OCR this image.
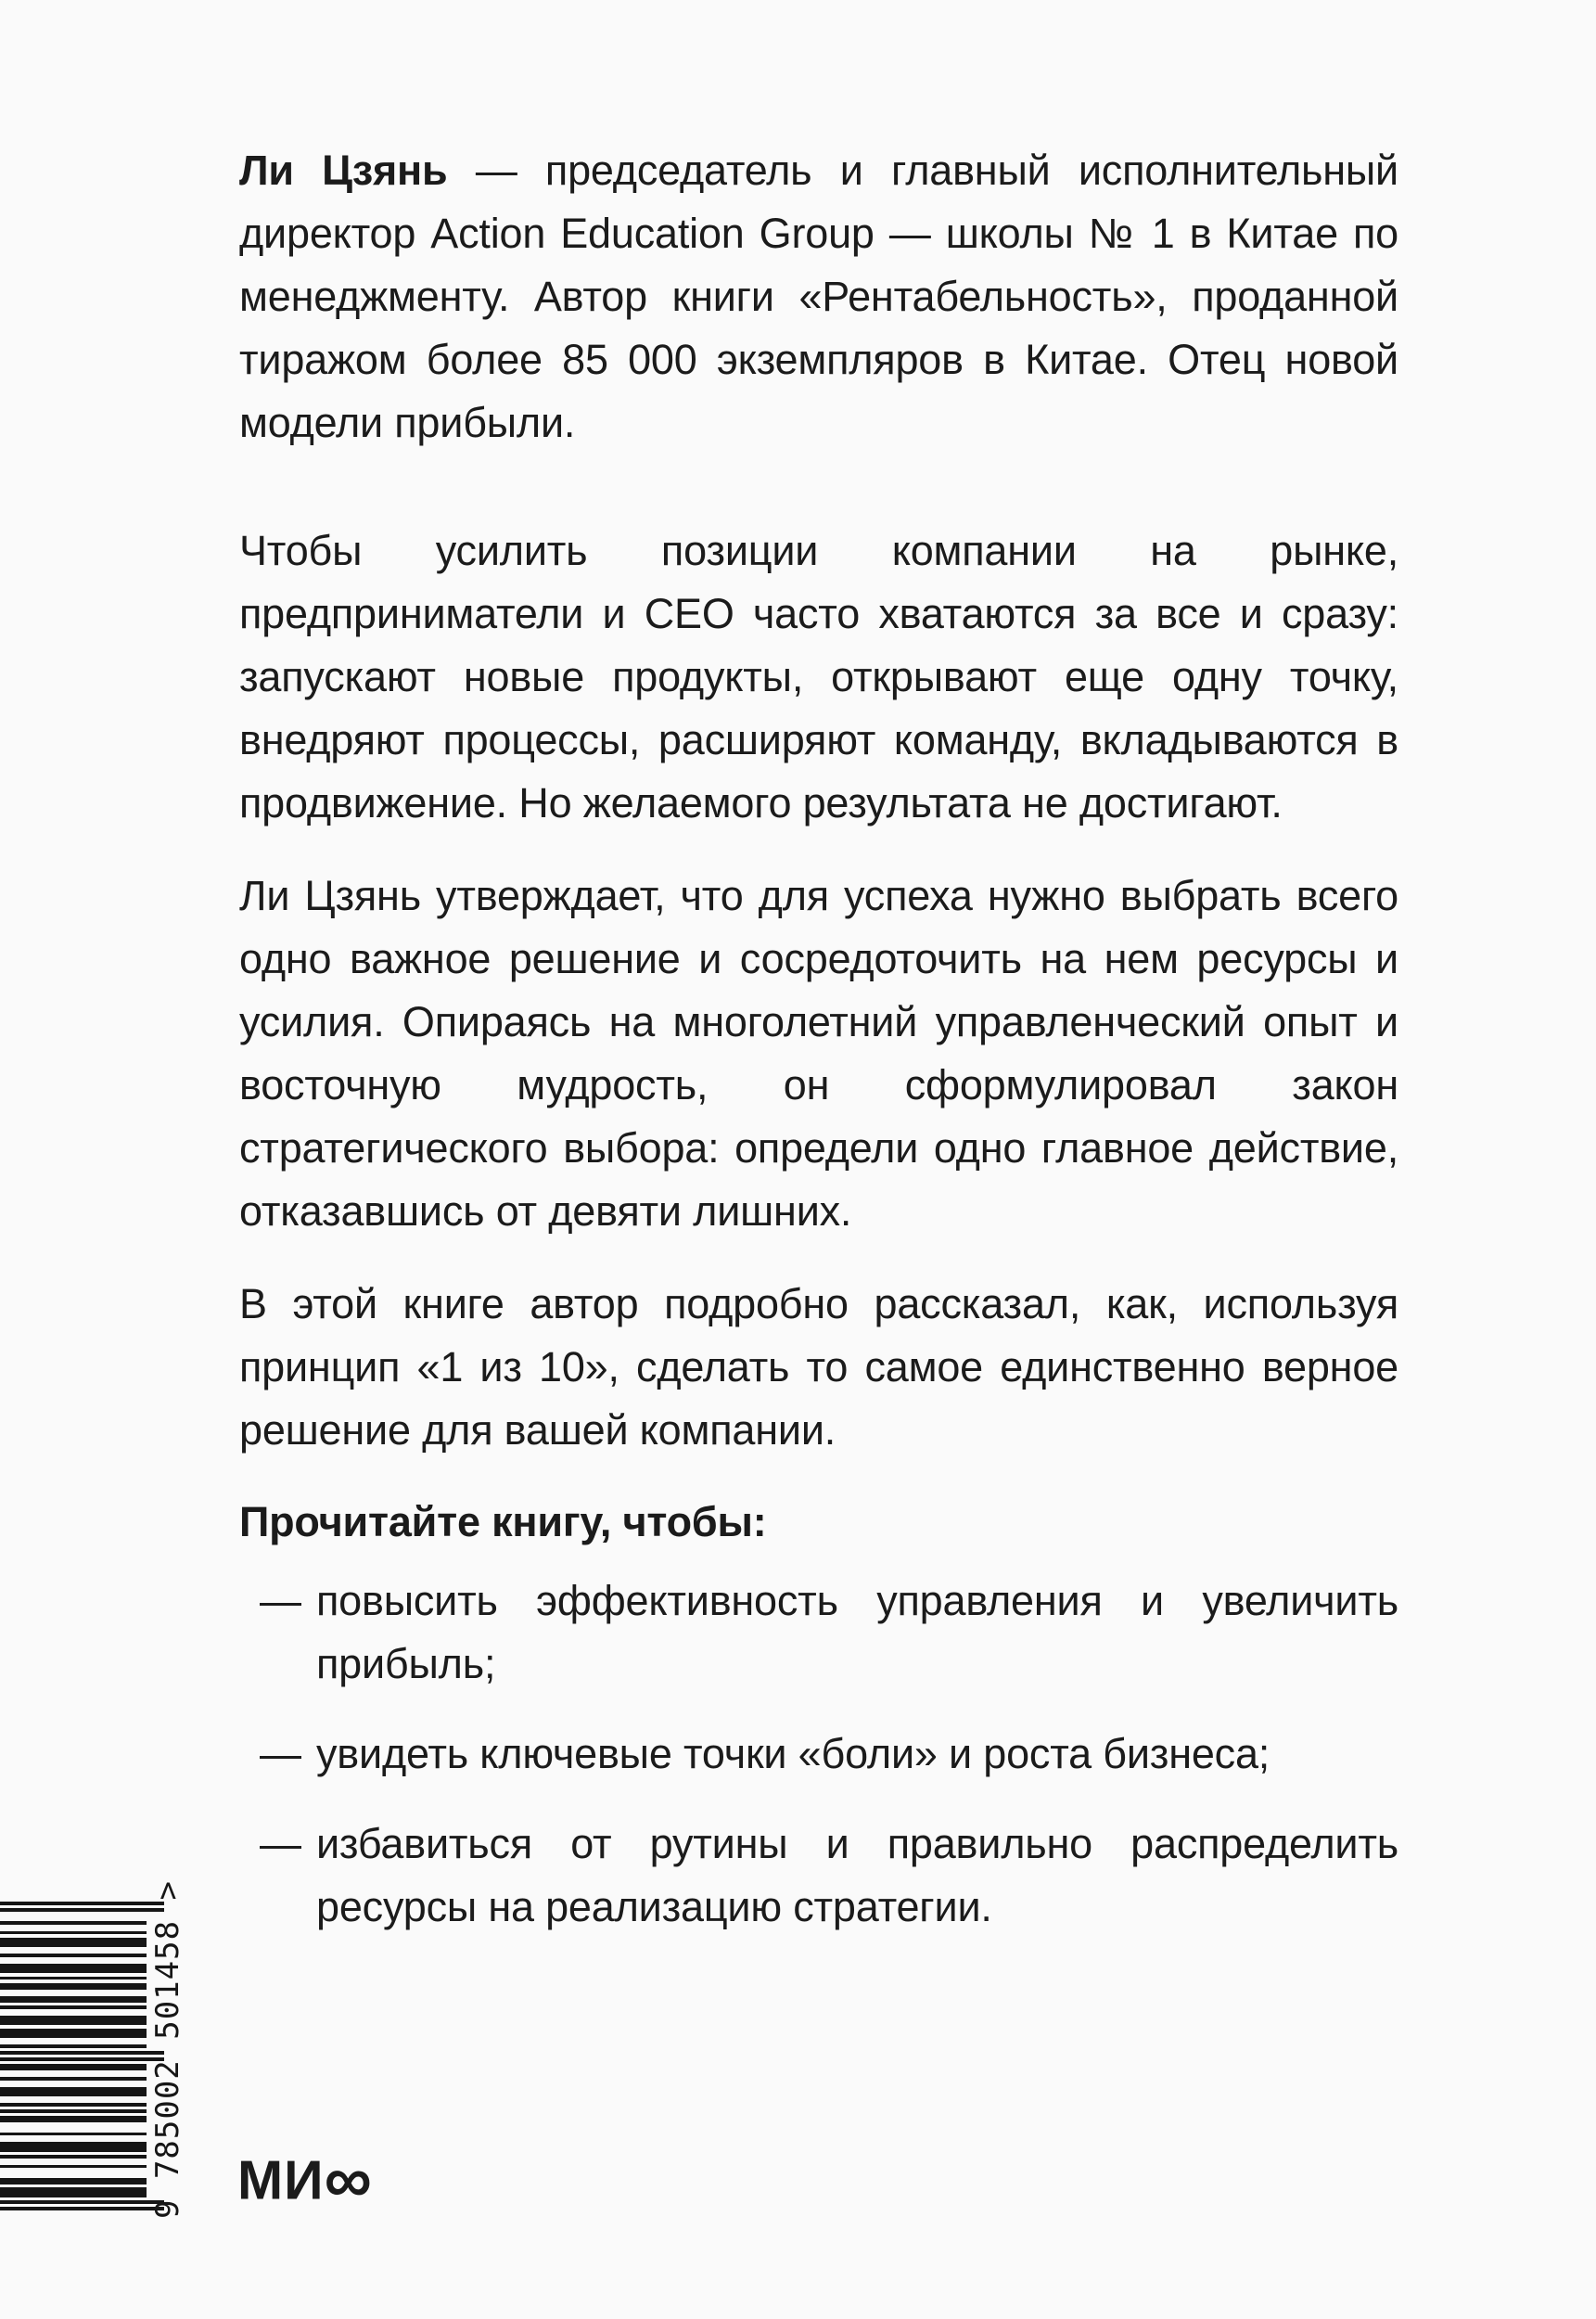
Ли Цзянь — председатель и главный исполнительный директор Action Education Group — школы № 1 в Китае по менеджменту. Автор книги «Рентабельность», проданной тиражом более 85 000 экземпляров в Китае. Отец новой модели прибыли.

Чтобы усилить позиции компании на рынке, предприниматели и CEO часто хватаются за все и сразу: запускают новые продукты, открывают еще одну точку, внедряют процессы, расширяют команду, вкладываются в продвижение. Но желаемого результата не достигают.

Ли Цзянь утверждает, что для успеха нужно выбрать всего одно важное решение и сосредоточить на нем ресурсы и усилия. Опираясь на многолетний управленческий опыт и восточную мудрость, он сформулировал закон стратегического выбора: определи одно главное действие, отказавшись от девяти лишних.

В этой книге автор подробно рассказал, как, используя принцип «1 из 10», сделать то самое единственно верное решение для вашей компании.

Прочитайте книгу, чтобы:
— повысить эффективность управления и увеличить прибыль;
— увидеть ключевые точки «боли» и роста бизнеса;
— избавиться от рутины и правильно распределить ресурсы на реализацию стратегии.
9 785002 501458 > МИ∞
